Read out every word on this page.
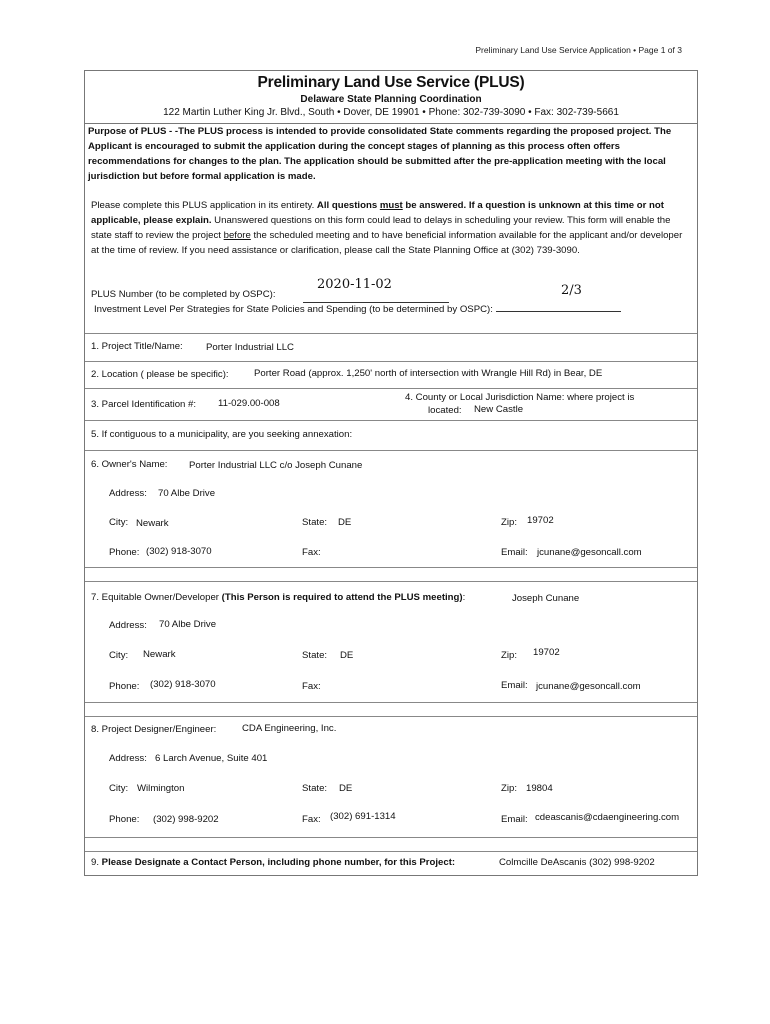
Preliminary Land Use Service Application • Page 1 of 3
Preliminary Land Use Service (PLUS)
Delaware State Planning Coordination
122 Martin Luther King Jr. Blvd., South • Dover, DE 19901 • Phone: 302-739-3090 • Fax: 302-739-5661
Purpose of PLUS - -The PLUS process is intended to provide consolidated State comments regarding the proposed project. The Applicant is encouraged to submit the application during the concept stages of planning as this process often offers recommendations for changes to the plan. The application should be submitted after the pre-application meeting with the local jurisdiction but before formal application is made.
Please complete this PLUS application in its entirety. All questions must be answered. If a question is unknown at this time or not applicable, please explain. Unanswered questions on this form could lead to delays in scheduling your review. This form will enable the state staff to review the project before the scheduled meeting and to have beneficial information available for the applicant and/or developer at the time of review. If you need assistance or clarification, please call the State Planning Office at (302) 739-3090.
PLUS Number (to be completed by OSPC):
2020-11-02	2/3
Investment Level Per Strategies for State Policies and Spending (to be determined by OSPC):
1. Project Title/Name: Porter Industrial LLC
2. Location ( please be specific):	Porter Road (approx. 1,250' north of intersection with Wrangle Hill Rd) in Bear, DE
3. Parcel Identification #: 11-029.00-008
4. County or Local Jurisdiction Name: where project is
located: New Castle
5. If contiguous to a municipality, are you seeking annexation:
6. Owner's Name: Porter Industrial LLC c/o Joseph Cunane
Address: 70 Albe Drive
City: Newark	State: DE	Zip: 19702
Phone: (302) 918-3070	Fax:	Email: jcunane@gesoncall.com
7. Equitable Owner/Developer (This Person is required to attend the PLUS meeting):	Joseph Cunane
Address: 70 Albe Drive
City: Newark	State: DE	Zip: 19702
Phone: (302) 918-3070	Fax:	Email: jcunane@gesoncall.com
8. Project Designer/Engineer:	CDA Engineering, Inc.
Address: 6 Larch Avenue, Suite 401
City: Wilmington	State: DE	Zip: 19804
Phone: (302) 998-9202	Fax: (302) 691-1314	Email: cdeascanis@cdaengineering.com
9. Please Designate a Contact Person, including phone number, for this Project:	Colmcille DeAscanis (302) 998-9202
